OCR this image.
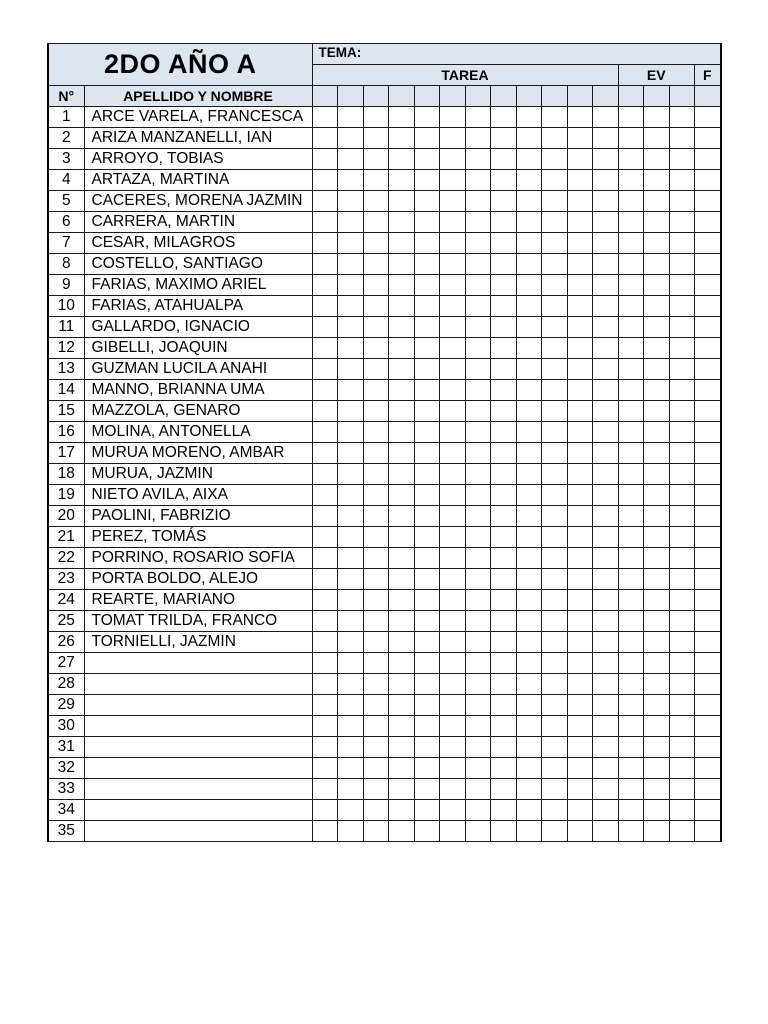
2DO AÑO A		TEMA:															
		TAREA												EV			F
N°	APELLIDO Y NOMBRE																
1	ARCE VARELA, FRANCESCA																
2	ARIZA MANZANELLI, IAN																
3	ARROYO, TOBIAS																
4	ARTAZA, MARTINA																
5	CACERES, MORENA JAZMIN																
6	CARRERA, MARTIN																
7	CESAR, MILAGROS																
8	COSTELLO, SANTIAGO																
9	FARIAS, MAXIMO ARIEL																
10	FARIAS, ATAHUALPA																
11	GALLARDO, IGNACIO																
12	GIBELLI, JOAQUIN																
13	GUZMAN LUCILA ANAHI																
14	MANNO, BRIANNA UMA																
15	MAZZOLA, GENARO																
16	MOLINA, ANTONELLA																
17	MURUA MORENO, AMBAR																
18	MURUA, JAZMIN																
19	NIETO AVILA, AIXA																
20	PAOLINI, FABRIZIO																
21	PEREZ, TOMÁS																
22	PORRINO, ROSARIO SOFIA																
23	PORTA BOLDO, ALEJO																
24	REARTE, MARIANO																
25	TOMAT TRILDA, FRANCO																
26	TORNIELLI, JAZMIN																
27																	
28																	
29																	
30																	
31																	
32																	
33																	
34																	
35																	
